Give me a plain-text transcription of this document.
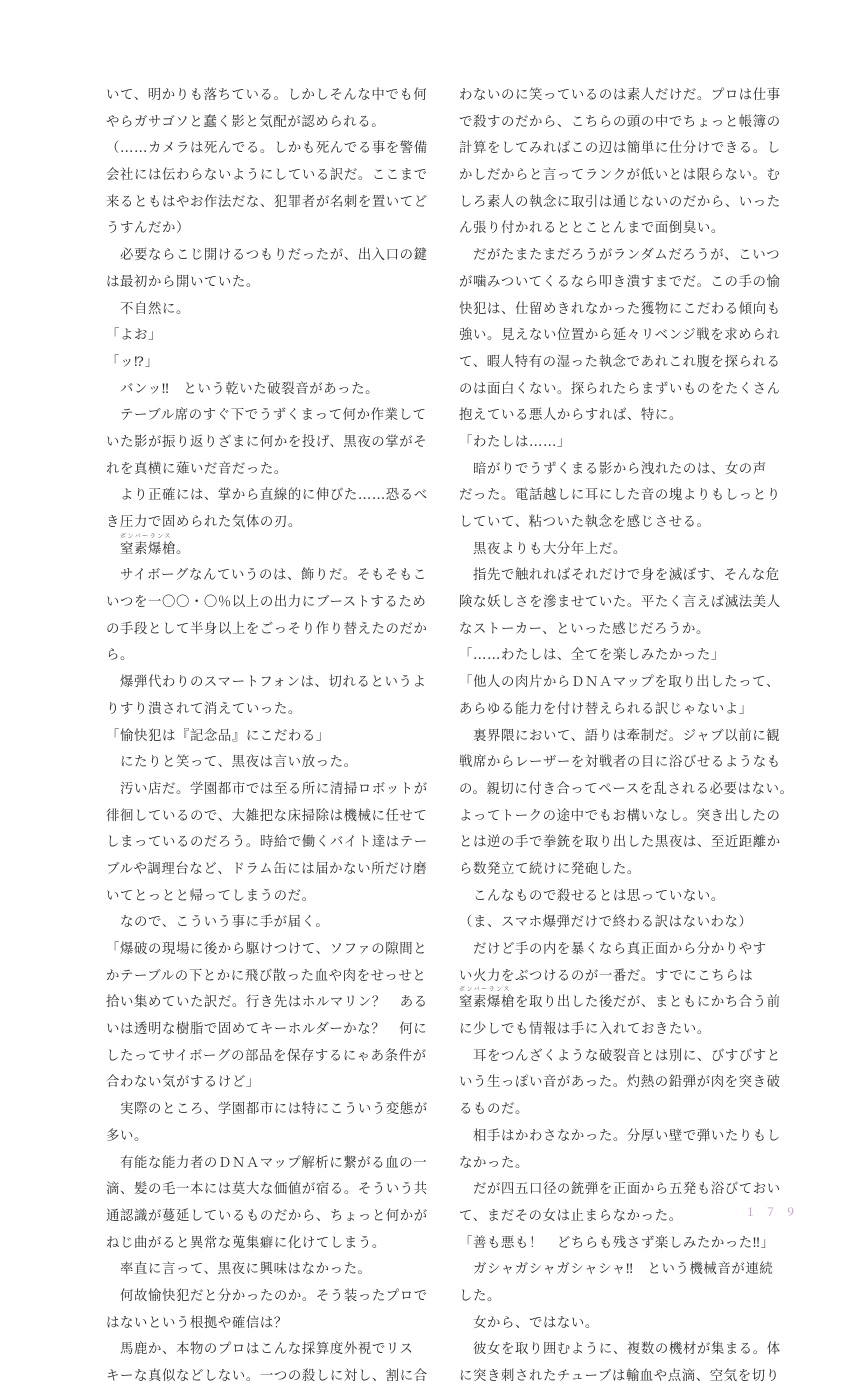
いて、明かりも落ちている。しかしそんな中でも何
やらガサゴソと蠢く影と気配が認められる。
（……カメラは死んでる。しかも死んでる事を警備
会社には伝わらないようにしている訳だ。ここまで
来るともはやお作法だな、犯罪者が名刺を置いてど
うすんだか）
　必要ならこじ開けるつもりだったが、出入口の鍵
は最初から開いていた。
　不自然に。
「よお」
「ッ⁉」
　バンッ‼　という乾いた破裂音があった。
　テーブル席のすぐ下でうずくまって何か作業して
いた影が振り返りざまに何かを投げ、黒夜の掌がそ
れを真横に薙いだ音だった。
　より正確には、掌から直線的に伸びた……恐るべ
き圧力で固められた気体の刃。
ボンバーランス
　窒素爆槍。
　サイボーグなんていうのは、飾りだ。そもそもこ
いつを一〇〇・〇％以上の出力にブーストするため
の手段として半身以上をごっそり作り替えたのだか
ら。
　爆弾代わりのスマートフォンは、切れるというよ
りすり潰されて消えていった。
「愉快犯は『記念品』にこだわる」
　にたりと笑って、黒夜は言い放った。
　汚い店だ。学園都市では至る所に清掃ロボットが
徘徊しているので、大雑把な床掃除は機械に任せて
しまっているのだろう。時給で働くバイト達はテー
ブルや調理台など、ドラム缶には届かない所だけ磨
いてとっとと帰ってしまうのだ。
　なので、こういう事に手が届く。
「爆破の現場に後から駆けつけて、ソファの隙間と
かテーブルの下とかに飛び散った血や肉をせっせと
拾い集めていた訳だ。行き先はホルマリン？　ある
いは透明な樹脂で固めてキーホルダーかな？　何に
したってサイボーグの部品を保存するにゃあ条件が
合わない気がするけど」
　実際のところ、学園都市には特にこういう変態が
多い。
　有能な能力者のＤＮＡマップ解析に繋がる血の一
滴、髪の毛一本には莫大な価値が宿る。そういう共
通認識が蔓延しているものだから、ちょっと何かが
ねじ曲がると異常な蒐集癖に化けてしまう。
　率直に言って、黒夜に興味はなかった。
　何故愉快犯だと分かったのか。そう装ったプロで
はないという根拠や確信は？
　馬鹿か、本物のプロはこんな採算度外視でリス
キーな真似などしない。一つの殺しに対し、割に合
わないのに笑っているのは素人だけだ。プロは仕事
で殺すのだから、こちらの頭の中でちょっと帳簿の
計算をしてみればこの辺は簡単に仕分けできる。し
かしだからと言ってランクが低いとは限らない。む
しろ素人の執念に取引は通じないのだから、いった
ん張り付かれるととことんまで面倒臭い。
　だがたまたまだろうがランダムだろうが、こいつ
が噛みついてくるなら叩き潰すまでだ。この手の愉
快犯は、仕留めきれなかった獲物にこだわる傾向も
強い。見えない位置から延々リベンジ戦を求められ
て、暇人特有の湿った執念であれこれ腹を探られる
のは面白くない。探られたらまずいものをたくさん
抱えている悪人からすれば、特に。
「わたしは……」
　暗がりでうずくまる影から洩れたのは、女の声
だった。電話越しに耳にした音の塊よりもしっとり
していて、粘ついた執念を感じさせる。
　黒夜よりも大分年上だ。
　指先で触れればそれだけで身を滅ぼす、そんな危
険な妖しさを滲ませていた。平たく言えば滅法美人
なストーカー、といった感じだろうか。
「……わたしは、全てを楽しみたかった」
「他人の肉片からＤＮＡマップを取り出したって、
あらゆる能力を付け替えられる訳じゃないよ」
　裏界隈において、語りは牽制だ。ジャブ以前に観
戦席からレーザーを対戦者の目に浴びせるようなも
の。親切に付き合ってペースを乱される必要はない。
よってトークの途中でもお構いなし。突き出したの
とは逆の手で拳銃を取り出した黒夜は、至近距離か
ら数発立て続けに発砲した。
　こんなもので殺せるとは思っていない。
（ま、スマホ爆弾だけで終わる訳はないわな）
　だけど手の内を暴くなら真正面から分かりやす
い火力をぶつけるのが一番だ。すでにこちらは
ボンバーランス
窒素爆槍を取り出した後だが、まともにかち合う前
に少しでも情報は手に入れておきたい。
　耳をつんざくような破裂音とは別に、びすびすと
いう生っぽい音があった。灼熱の鉛弾が肉を突き破
るものだ。
　相手はかわさなかった。分厚い壁で弾いたりもし
なかった。
　だが四五口径の銃弾を正面から五発も浴びておい
て、まだその女は止まらなかった。
「善も悪も！　どちらも残さず楽しみたかった‼」
　ガシャガシャガシャシャ‼　という機械音が連続
した。
　女から、ではない。
　彼女を取り囲むように、複数の機材が集まる。体
に突き刺されたチューブは輸血や点滴、空気を切り
１７９
